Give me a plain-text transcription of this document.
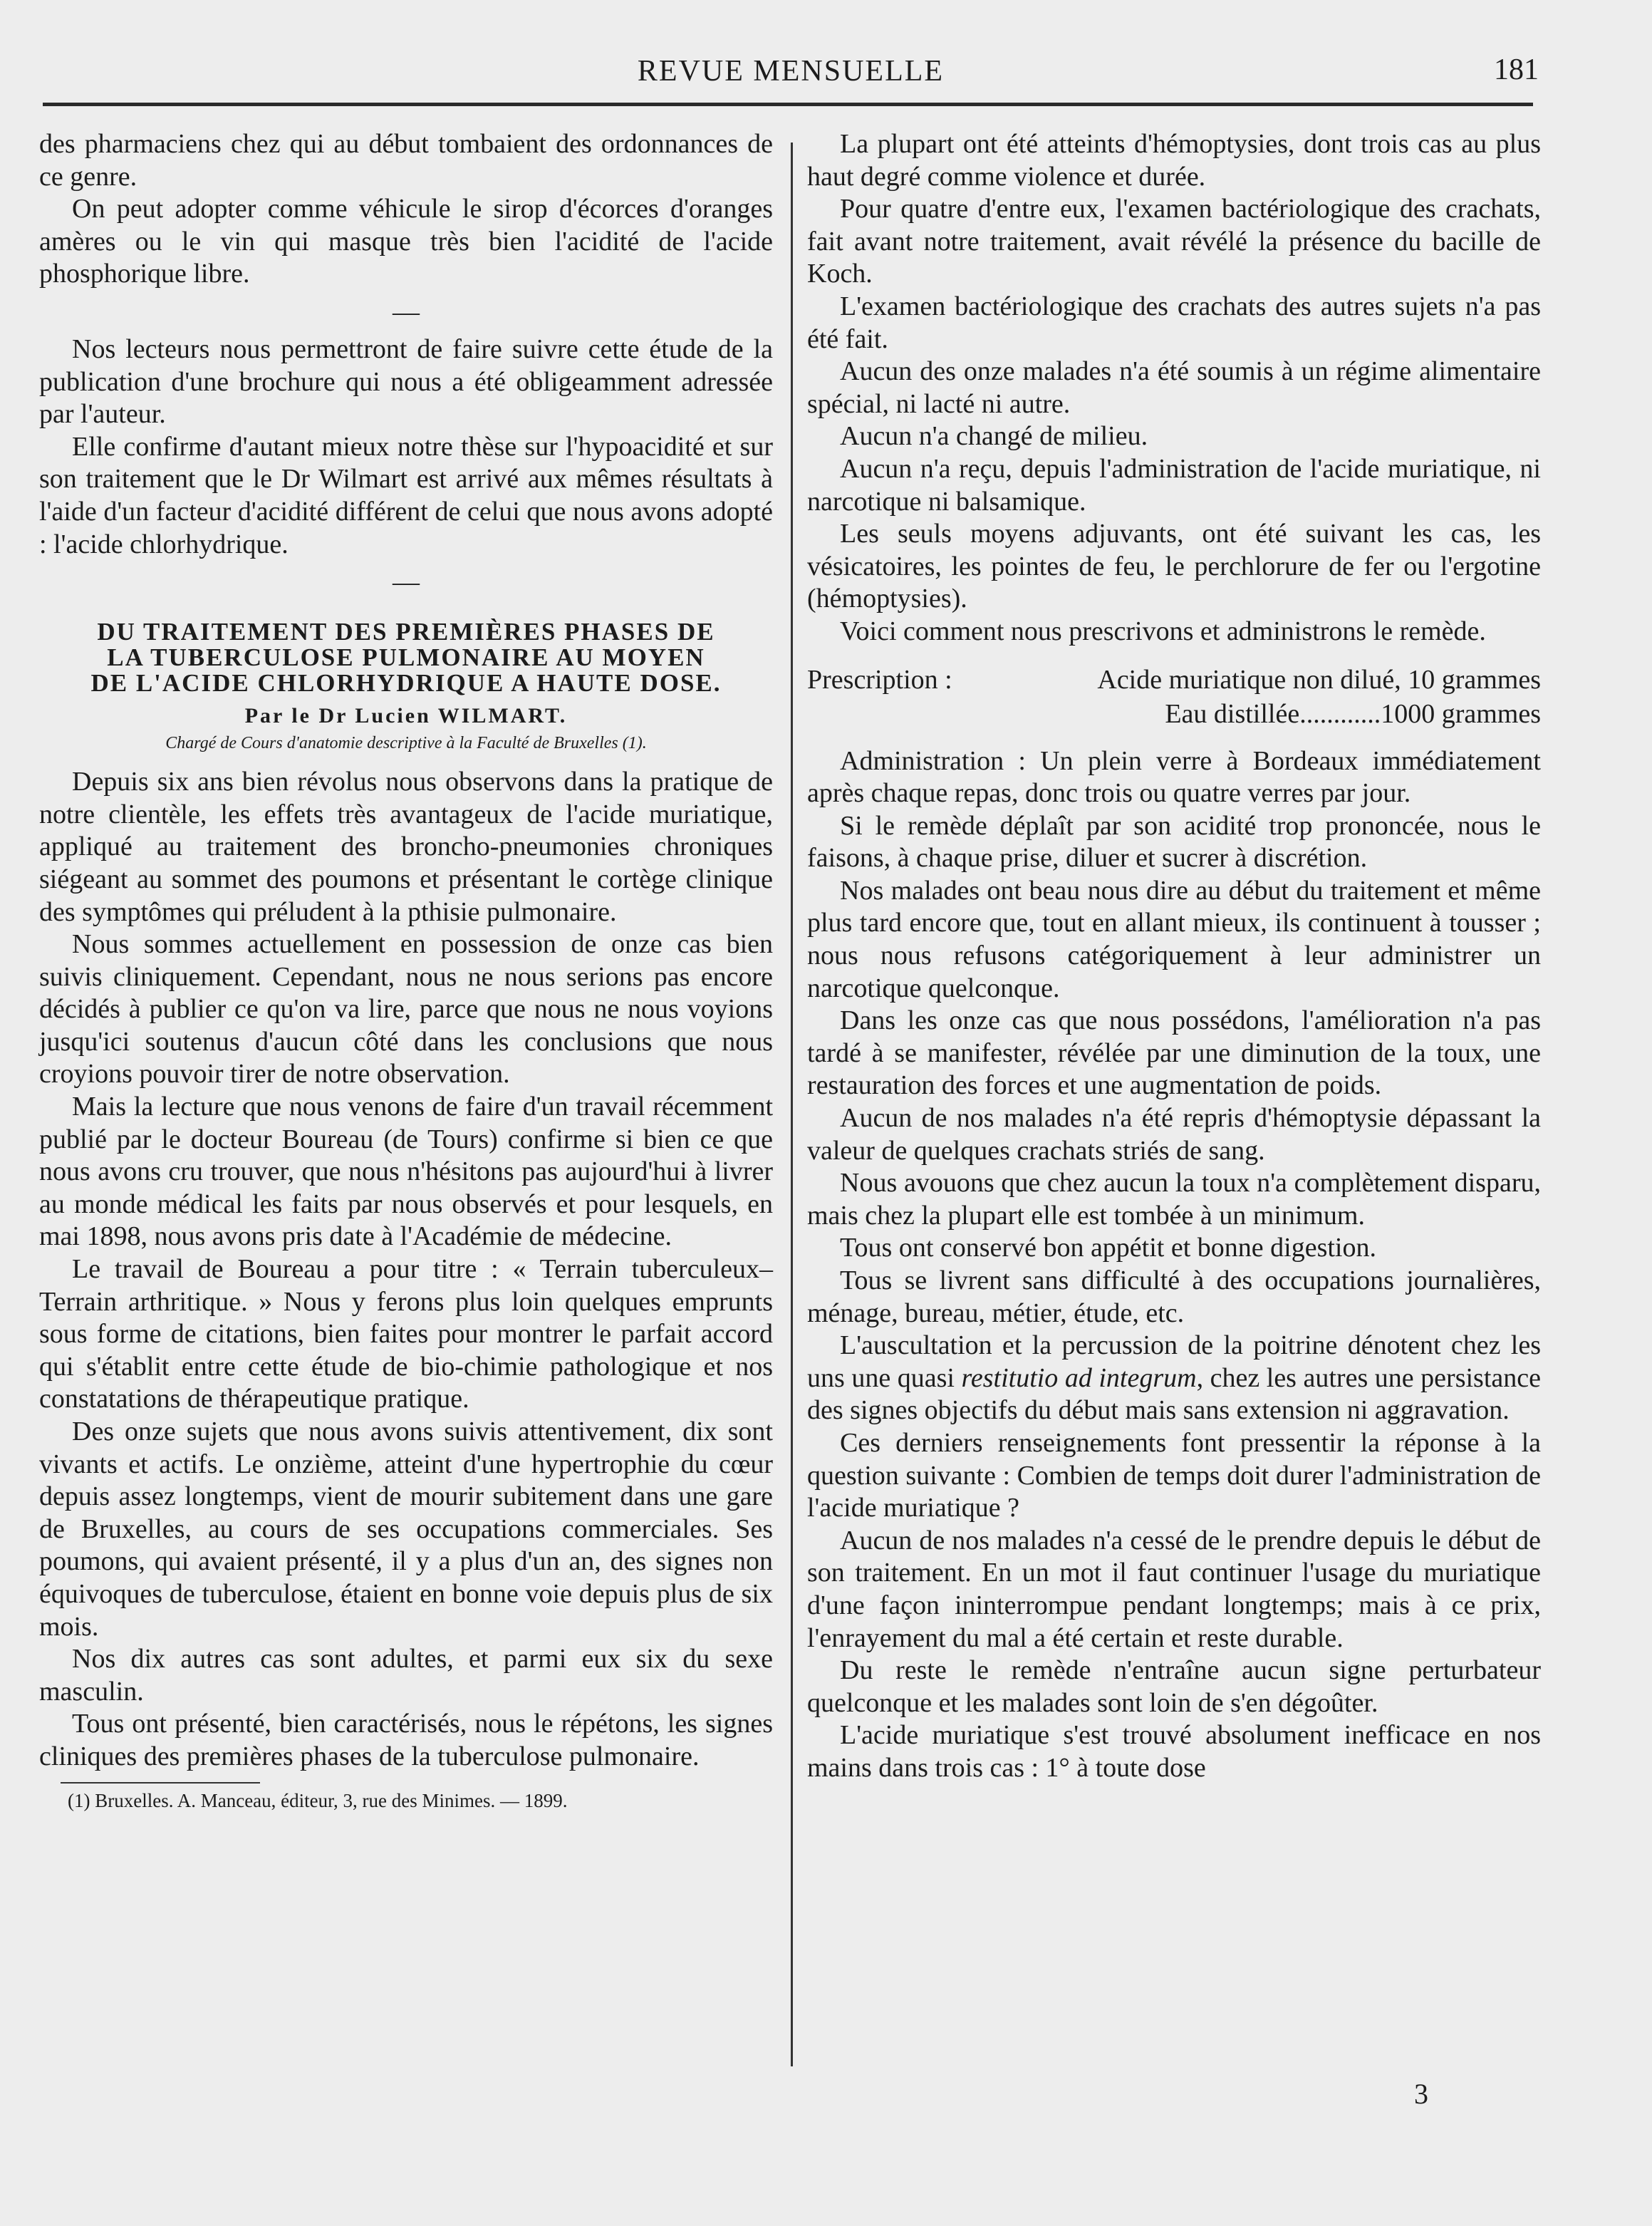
REVUE MENSUELLE	181

des pharmaciens chez qui au début tombaient des ordonnances de ce genre.

On peut adopter comme véhicule le sirop d'écorces d'oranges amères ou le vin qui masque très bien l'acidité de l'acide phosphorique libre.

—

Nos lecteurs nous permettront de faire suivre cette étude de la publication d'une brochure qui nous a été obligeamment adressée par l'auteur.

Elle confirme d'autant mieux notre thèse sur l'hypoacidité et sur son traitement que le Dr Wilmart est arrivé aux mêmes résultats à l'aide d'un facteur d'acidité différent de celui que nous avons adopté : l'acide chlorhydrique.

—

DU TRAITEMENT DES PREMIÈRES PHASES DE
LA TUBERCULOSE PULMONAIRE AU MOYEN
DE L'ACIDE CHLORHYDRIQUE A HAUTE DOSE.
Par le Dr Lucien WILMART.
Chargé de Cours d'anatomie descriptive à la Faculté de Bruxelles (1).

Depuis six ans bien révolus nous observons dans la pratique de notre clientèle, les effets très avantageux de l'acide muriatique, appliqué au traitement des broncho-pneumonies chroniques siégeant au sommet des poumons et présentant le cortège clinique des symptômes qui préludent à la pthisie pulmonaire.

Nous sommes actuellement en possession de onze cas bien suivis cliniquement. Cependant, nous ne nous serions pas encore décidés à publier ce qu'on va lire, parce que nous ne nous voyions jusqu'ici soutenus d'aucun côté dans les conclusions que nous croyions pouvoir tirer de notre observation.

Mais la lecture que nous venons de faire d'un travail récemment publié par le docteur Boureau (de Tours) confirme si bien ce que nous avons cru trouver, que nous n'hésitons pas aujourd'hui à livrer au monde médical les faits par nous observés et pour lesquels, en mai 1898, nous avons pris date à l'Académie de médecine.

Le travail de Boureau a pour titre : « Terrain tuberculeux–Terrain arthritique. » Nous y ferons plus loin quelques emprunts sous forme de citations, bien faites pour montrer le parfait accord qui s'établit entre cette étude de bio-chimie pathologique et nos constatations de thérapeutique pratique.

Des onze sujets que nous avons suivis attentivement, dix sont vivants et actifs. Le onzième, atteint d'une hypertrophie du cœur depuis assez longtemps, vient de mourir subitement dans une gare de Bruxelles, au cours de ses occupations commerciales. Ses poumons, qui avaient présenté, il y a plus d'un an, des signes non équivoques de tuberculose, étaient en bonne voie depuis plus de six mois.

Nos dix autres cas sont adultes, et parmi eux six du sexe masculin.

Tous ont présenté, bien caractérisés, nous le répétons, les signes cliniques des premières phases de la tuberculose pulmonaire.

(1) Bruxelles. A. Manceau, éditeur, 3, rue des Minimes. — 1899.

La plupart ont été atteints d'hémoptysies, dont trois cas au plus haut degré comme violence et durée.

Pour quatre d'entre eux, l'examen bactériologique des crachats, fait avant notre traitement, avait révélé la présence du bacille de Koch.

L'examen bactériologique des crachats des autres sujets n'a pas été fait.

Aucun des onze malades n'a été soumis à un régime alimentaire spécial, ni lacté ni autre.

Aucun n'a changé de milieu.

Aucun n'a reçu, depuis l'administration de l'acide muriatique, ni narcotique ni balsamique.

Les seuls moyens adjuvants, ont été suivant les cas, les vésicatoires, les pointes de feu, le perchlorure de fer ou l'ergotine (hémoptysies).

Voici comment nous prescrivons et administrons le remède.

Prescription :	Acide muriatique non dilué, 10 grammes
Eau distillée............1000 grammes

Administration : Un plein verre à Bordeaux immédiatement après chaque repas, donc trois ou quatre verres par jour.

Si le remède déplaît par son acidité trop prononcée, nous le faisons, à chaque prise, diluer et sucrer à discrétion.

Nos malades ont beau nous dire au début du traitement et même plus tard encore que, tout en allant mieux, ils continuent à tousser ; nous nous refusons catégoriquement à leur administrer un narcotique quelconque.

Dans les onze cas que nous possédons, l'amélioration n'a pas tardé à se manifester, révélée par une diminution de la toux, une restauration des forces et une augmentation de poids.

Aucun de nos malades n'a été repris d'hémoptysie dépassant la valeur de quelques crachats striés de sang.

Nous avouons que chez aucun la toux n'a complètement disparu, mais chez la plupart elle est tombée à un minimum.

Tous ont conservé bon appétit et bonne digestion.

Tous se livrent sans difficulté à des occupations journalières, ménage, bureau, métier, étude, etc.

L'auscultation et la percussion de la poitrine dénotent chez les uns une quasi restitutio ad integrum, chez les autres une persistance des signes objectifs du début mais sans extension ni aggravation.

Ces derniers renseignements font pressentir la réponse à la question suivante : Combien de temps doit durer l'administration de l'acide muriatique ?

Aucun de nos malades n'a cessé de le prendre depuis le début de son traitement. En un mot il faut continuer l'usage du muriatique d'une façon ininterrompue pendant longtemps; mais à ce prix, l'enrayement du mal a été certain et reste durable.

Du reste le remède n'entraîne aucun signe perturbateur quelconque et les malades sont loin de s'en dégoûter.

L'acide muriatique s'est trouvé absolument inefficace en nos mains dans trois cas : 1° à toute dose

3
